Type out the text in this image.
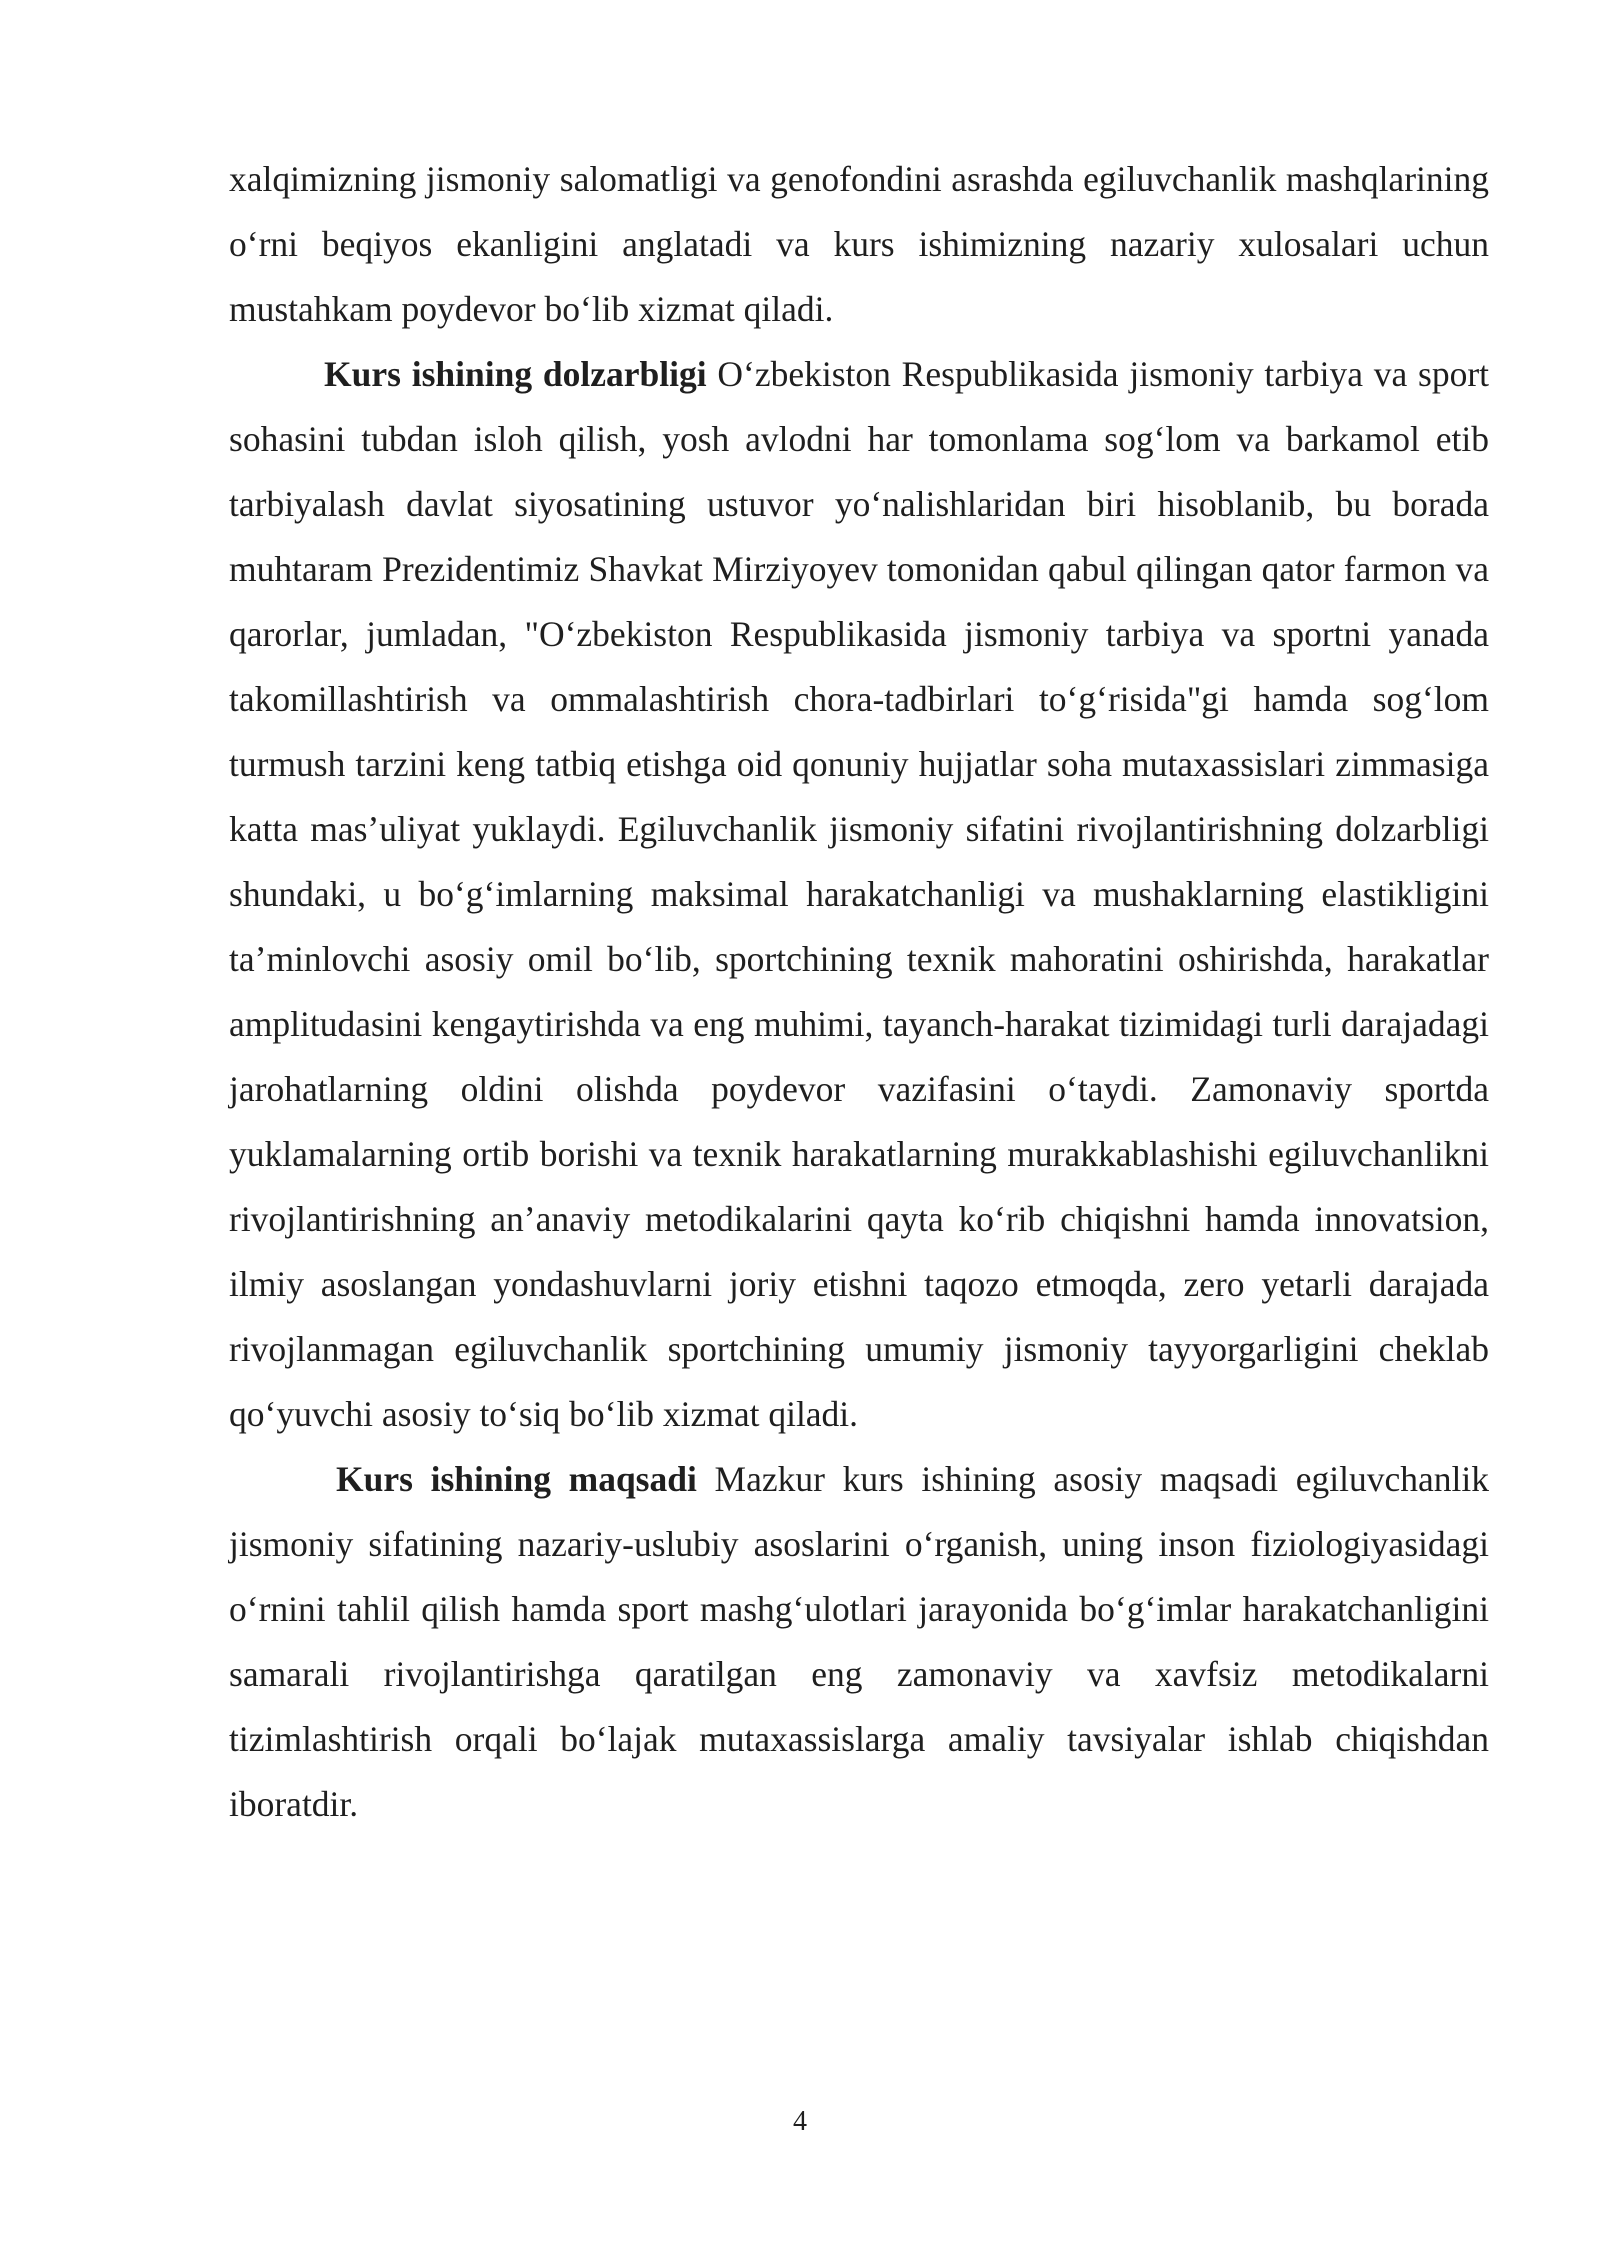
xalqimizning jismoniy salomatligi va genofondini asrashda egiluvchanlik mashqlarining oʻrni beqiyos ekanligini anglatadi va kurs ishimizning nazariy xulosalari uchun mustahkam poydevor boʻlib xizmat qiladi.

Kurs ishining dolzarbligi Oʻzbekiston Respublikasida jismoniy tarbiya va sport sohasini tubdan isloh qilish, yosh avlodni har tomonlama sogʻlom va barkamol etib tarbiyalash davlat siyosatining ustuvor yoʻnalishlaridan biri hisoblanib, bu borada muhtaram Prezidentimiz Shavkat Mirziyoyev tomonidan qabul qilingan qator farmon va qarorlar, jumladan, "Oʻzbekiston Respublikasida jismoniy tarbiya va sportni yanada takomillashtirish va ommalashtirish chora-tadbirlari toʻgʻrisida"gi hamda sogʻlom turmush tarzini keng tatbiq etishga oid qonuniy hujjatlar soha mutaxassislari zimmasiga katta masʼuliyat yuklaydi. Egiluvchanlik jismoniy sifatini rivojlantirishning dolzarbligi shundaki, u boʻgʻimlarning maksimal harakatchanligi va mushaklarning elastikligini taʼminlovchi asosiy omil boʻlib, sportchining texnik mahoratini oshirishda, harakatlar amplitudasini kengaytirishda va eng muhimi, tayanch-harakat tizimidagi turli darajadagi jarohatlarning oldini olishda poydevor vazifasini oʻtaydi. Zamonaviy sportda yuklamalarning ortib borishi va texnik harakatlarning murakkablashishi egiluvchanlikni rivojlantirishning anʼanaviy metodikalarini qayta koʻrib chiqishni hamda innovatsion, ilmiy asoslangan yondashuvlarni joriy etishni taqozo etmoqda, zero yetarli darajada rivojlanmagan egiluvchanlik sportchining umumiy jismoniy tayyorgarligini cheklab qoʻyuvchi asosiy toʻsiq boʻlib xizmat qiladi.

Kurs ishining maqsadi Mazkur kurs ishining asosiy maqsadi egiluvchanlik jismoniy sifatining nazariy-uslubiy asoslarini oʻrganish, uning inson fiziologiyasidagi oʻrnini tahlil qilish hamda sport mashgʻulotlari jarayonida boʻgʻimlar harakatchanligini samarali rivojlantirishga qaratilgan eng zamonaviy va xavfsiz metodikalarni tizimlashtirish orqali boʻlajak mutaxassislarga amaliy tavsiyalar ishlab chiqishdan iboratdir.

4
